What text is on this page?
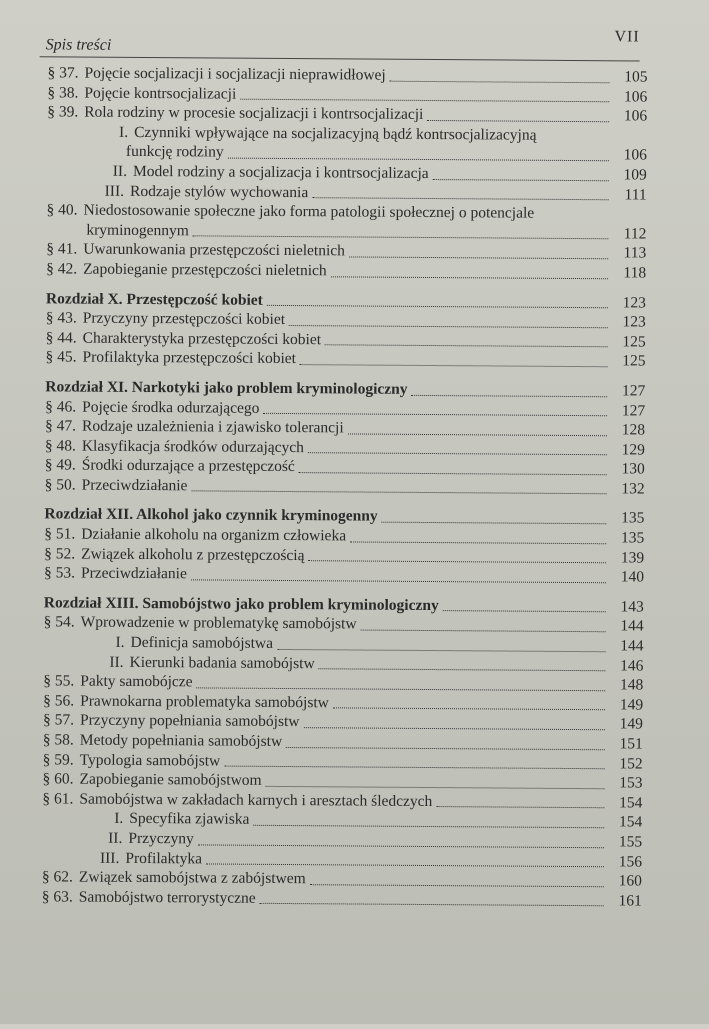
Spis treści	VII
§ 37. Pojęcie socjalizacji i socjalizacji nieprawidłowej	105
§ 38. Pojęcie kontrsocjalizacji	106
§ 39. Rola rodziny w procesie socjalizacji i kontrsocjalizacji	106
I. Czynniki wpływające na socjalizacyjną bądź kontrsocjalizacyjną
funkcję rodziny	106
II. Model rodziny a socjalizacja i kontrsocjalizacja	109
III. Rodzaje stylów wychowania	111
§ 40. Niedostosowanie społeczne jako forma patologii społecznej o potencjale
kryminogennym	112
§ 41. Uwarunkowania przestępczości nieletnich	113
§ 42. Zapobieganie przestępczości nieletnich	118
Rozdział X. Przestępczość kobiet	123
§ 43. Przyczyny przestępczości kobiet	123
§ 44. Charakterystyka przestępczości kobiet	125
§ 45. Profilaktyka przestępczości kobiet	125
Rozdział XI. Narkotyki jako problem kryminologiczny	127
§ 46. Pojęcie środka odurzającego	127
§ 47. Rodzaje uzależnienia i zjawisko tolerancji	128
§ 48. Klasyfikacja środków odurzających	129
§ 49. Środki odurzające a przestępczość	130
§ 50. Przeciwdziałanie	132
Rozdział XII. Alkohol jako czynnik kryminogenny	135
§ 51. Działanie alkoholu na organizm człowieka	135
§ 52. Związek alkoholu z przestępczością	139
§ 53. Przeciwdziałanie	140
Rozdział XIII. Samobójstwo jako problem kryminologiczny	143
§ 54. Wprowadzenie w problematykę samobójstw	144
I. Definicja samobójstwa	144
II. Kierunki badania samobójstw	146
§ 55. Pakty samobójcze	148
§ 56. Prawnokarna problematyka samobójstw	149
§ 57. Przyczyny popełniania samobójstw	149
§ 58. Metody popełniania samobójstw	151
§ 59. Typologia samobójstw	152
§ 60. Zapobieganie samobójstwom	153
§ 61. Samobójstwa w zakładach karnych i aresztach śledczych	154
I. Specyfika zjawiska	154
II. Przyczyny	155
III. Profilaktyka	156
§ 62. Związek samobójstwa z zabójstwem	160
§ 63. Samobójstwo terrorystyczne	161
